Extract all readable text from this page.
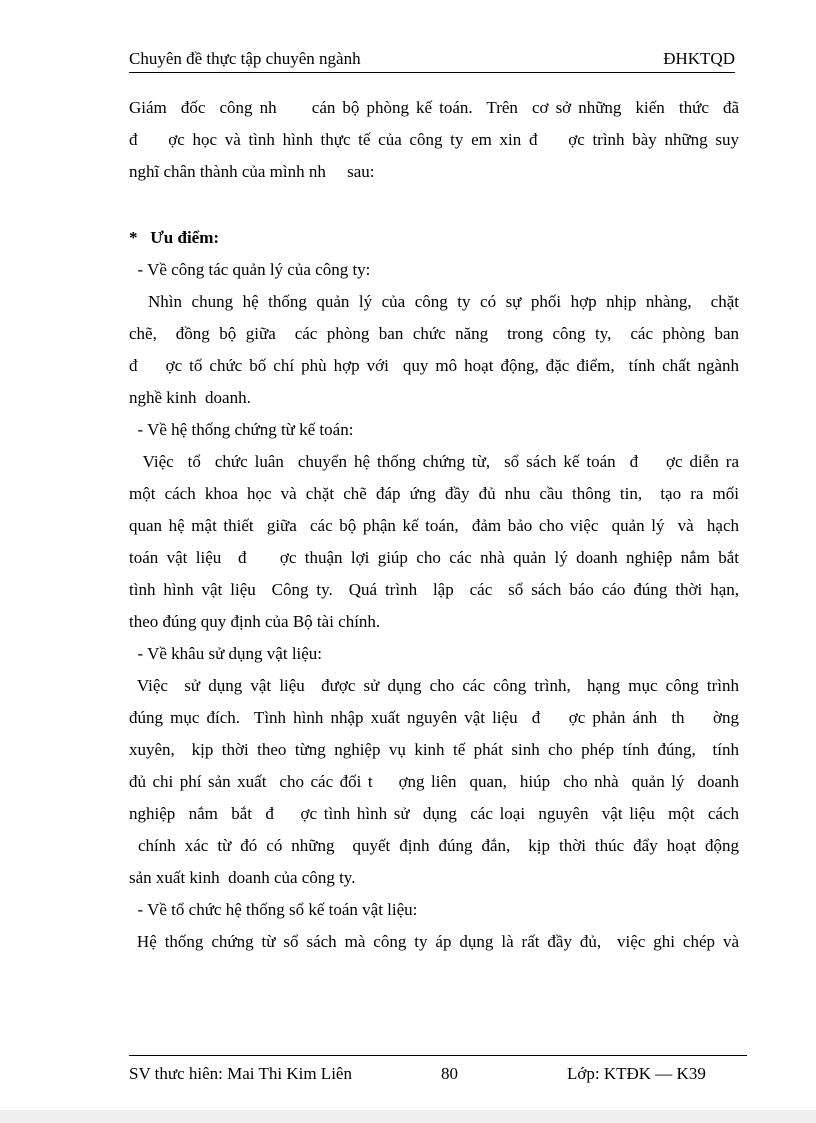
Chuyên đề thực tập chuyên ngành	ĐHKTQD
Giám  đốc  công nh     cán bộ phòng kế toán.  Trên  cơ sở những  kiến  thức  đã
đ    ợc học và tình hình thực tế của công ty em xin đ    ợc trình bày những suy
nghĩ chân thành của mình nh     sau:
*   Ưu điểm:
- Về công tác quản lý của công ty:
Nhìn chung hệ thống quản lý của công ty có sự phối hợp nhịp nhàng,  chặt
chẽ,  đồng bộ giữa  các phòng ban chức năng  trong công ty,  các phòng ban
đ    ợc tổ chức bố chí phù hợp với  quy mô hoạt động, đặc điểm,  tính chất ngành
nghề kinh  doanh.
- Về hệ thống chứng từ kế toán:
Việc  tổ  chức luân  chuyển hệ thống chứng từ,  sổ sách kế toán  đ    ợc diễn ra
một cách khoa học và chặt chẽ đáp ứng đầy đủ nhu cầu thông tin,  tạo ra mối
quan hệ mật thiết  giữa  các bộ phận kế toán,  đảm bảo cho việc  quản lý  và  hạch
toán vật liệu  đ    ợc thuận lợi giúp cho các nhà quản lý doanh nghiệp nắm bắt
tình hình vật liệu  Công ty.  Quá trình  lập  các  sổ sách báo cáo đúng thời hạn,
theo đúng quy định của Bộ tài chính.
- Về khâu sử dụng vật liệu:
Việc  sử dụng vật liệu  được sử dụng cho các công trình,  hạng mục công trình
đúng mục đích.  Tình hình nhập xuất nguyên vật liệu  đ    ợc phản ánh  th    ờng
xuyên,  kịp thời theo từng nghiệp vụ kinh tế phát sinh cho phép tính đúng,  tính
đủ chi phí sản xuất  cho các đối t    ợng liên  quan,  hiúp  cho nhà  quản lý  doanh
nghiệp  nắm  bắt  đ    ợc tình hình sử  dụng  các loại  nguyên  vật liệu  một  cách
chính xác từ đó có những  quyết định đúng đắn,  kịp thời thúc đẩy hoạt động
sản xuất kinh  doanh của công ty.
- Về tổ chức hệ thống sổ kế toán vật liệu:
Hệ thống chứng từ sổ sách mà công ty áp dụng là rất đầy đủ,  việc ghi chép và
SV thưc hiên: Mai Thi Kim Liên	80	Lớp: KTĐK — K39
